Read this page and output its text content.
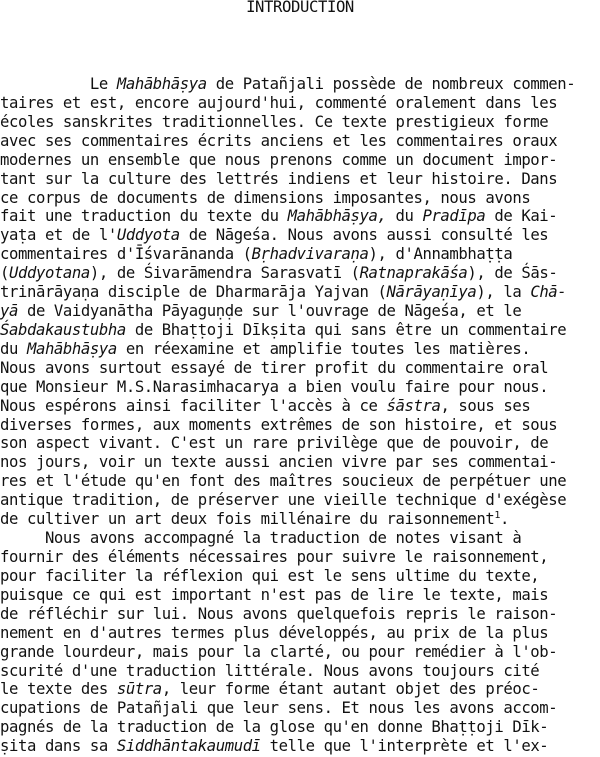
INTRODUCTION
Le Mahābhāṣya de Patañjali possède de nombreux commen-
taires et est, encore aujourd'hui, commenté oralement dans les
écoles sanskrites traditionnelles. Ce texte prestigieux forme
avec ses commentaires écrits anciens et les commentaires oraux
modernes un ensemble que nous prenons comme un document impor-
tant sur la culture des lettrés indiens et leur histoire. Dans
ce corpus de documents de dimensions imposantes, nous avons
fait une traduction du texte du Mahābhāṣya, du Pradīpa de Kai-
yaṭa et de l'Uddyota de Nāgeśa. Nous avons aussi consulté les
commentaires d'Īśvarānanda (Bṛhadvivaraṇa), d'Annambhaṭṭa
(Uddyotana), de Śivarāmendra Sarasvatī (Ratnaprakāśa), de Śās-
trinārāyaṇa disciple de Dharmarāja Yajvan (Nārāyaṇīya), la Chā-
yā de Vaidyanātha Pāyaguṇḍe sur l'ouvrage de Nāgeśa, et le
Śabdakaustubha de Bhaṭṭoji Dīkṣita qui sans être un commentaire
du Mahābhāṣya en réexamine et amplifie toutes les matières.
Nous avons surtout essayé de tirer profit du commentaire oral
que Monsieur M.S.Narasimhacarya a bien voulu faire pour nous.
Nous espérons ainsi faciliter l'accès à ce śāstra, sous ses
diverses formes, aux moments extrêmes de son histoire, et sous
son aspect vivant. C'est un rare privilège que de pouvoir, de
nos jours, voir un texte aussi ancien vivre par ses commentai-
res et l'étude qu'en font des maîtres soucieux de perpétuer une
antique tradition, de préserver une vieille technique d'exégèse
de cultiver un art deux fois millénaire du raisonnement$^1$.
Nous avons accompagné la traduction de notes visant à
fournir des éléments nécessaires pour suivre le raisonnement,
pour faciliter la réflexion qui est le sens ultime du texte,
puisque ce qui est important n'est pas de lire le texte, mais
de réfléchir sur lui. Nous avons quelquefois repris le raison-
nement en d'autres termes plus développés, au prix de la plus
grande lourdeur, mais pour la clarté, ou pour remédier à l'ob-
scurité d'une traduction littérale. Nous avons toujours cité
le texte des sūtra, leur forme étant autant objet des préoc-
cupations de Patañjali que leur sens. Et nous les avons accom-
pagnés de la traduction de la glose qu'en donne Bhaṭṭoji Dīk-
ṣita dans sa Siddhāntakaumudī telle que l'interprète et l'ex-
